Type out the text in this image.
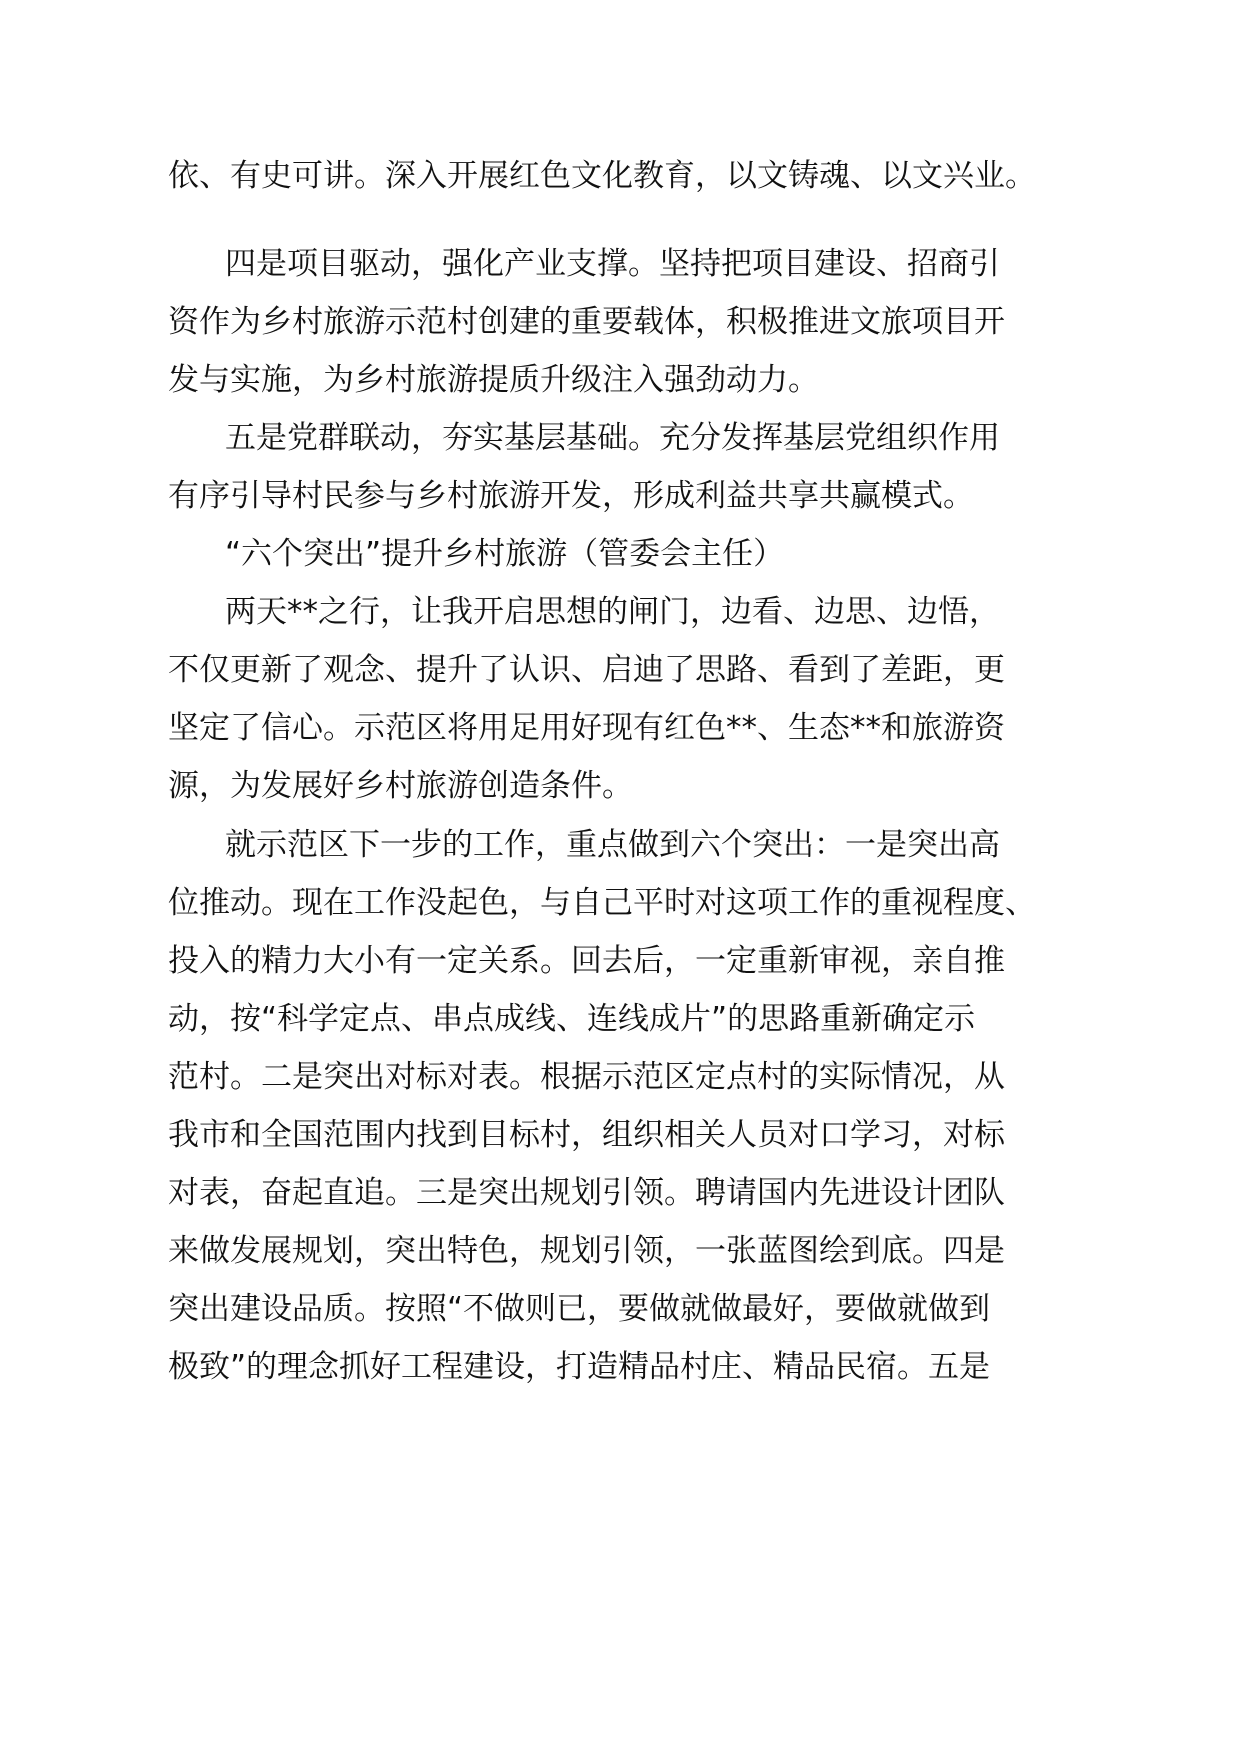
依、有史可讲。深入开展红色文化教育，以文铸魂、以文兴业。
四是项目驱动，强化产业支撑。坚持把项目建设、招商引
资作为乡村旅游示范村创建的重要载体，积极推进文旅项目开
发与实施，为乡村旅游提质升级注入强劲动力。
五是党群联动，夯实基层基础。充分发挥基层党组织作用
有序引导村民参与乡村旅游开发，形成利益共享共赢模式。
“六个突出”提升乡村旅游（管委会主任）
两天**之行，让我开启思想的闸门，边看、边思、边悟，
不仅更新了观念、提升了认识、启迪了思路、看到了差距，更
坚定了信心。示范区将用足用好现有红色**、生态**和旅游资
源，为发展好乡村旅游创造条件。
就示范区下一步的工作，重点做到六个突出：一是突出高
位推动。现在工作没起色，与自己平时对这项工作的重视程度、
投入的精力大小有一定关系。回去后，一定重新审视，亲自推
动，按“科学定点、串点成线、连线成片”的思路重新确定示
范村。二是突出对标对表。根据示范区定点村的实际情况，从
我市和全国范围内找到目标村，组织相关人员对口学习，对标
对表，奋起直追。三是突出规划引领。聘请国内先进设计团队
来做发展规划，突出特色，规划引领，一张蓝图绘到底。四是
突出建设品质。按照“不做则已，要做就做最好，要做就做到
极致”的理念抓好工程建设，打造精品村庄、精品民宿。五是
